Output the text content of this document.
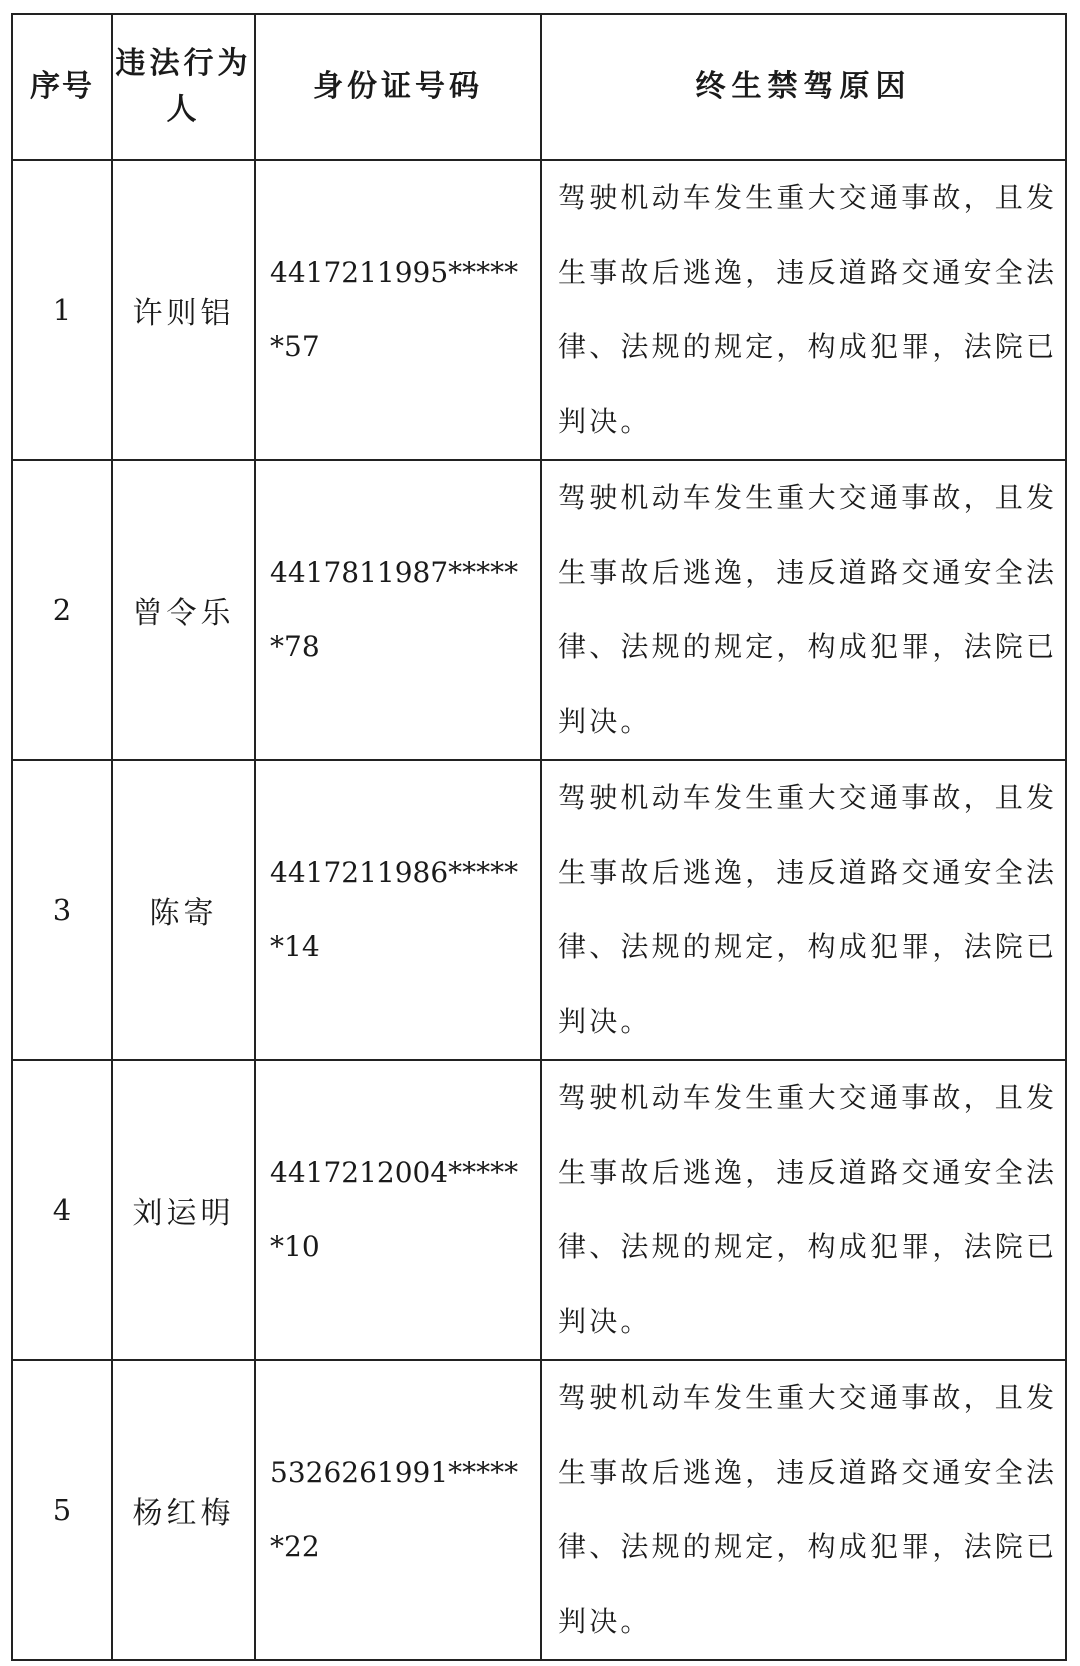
序号	违法行为人	身份证号码	终生禁驾原因
1	许则铝	4417211995******57	驾驶机动车发生重大交通事故，且发生事故后逃逸，违反道路交通安全法律、法规的规定，构成犯罪，法院已判决。
2	曾令乐	4417811987******78	驾驶机动车发生重大交通事故，且发生事故后逃逸，违反道路交通安全法律、法规的规定，构成犯罪，法院已判决。
3	陈寄	4417211986******14	驾驶机动车发生重大交通事故，且发生事故后逃逸，违反道路交通安全法律、法规的规定，构成犯罪，法院已判决。
4	刘运明	4417212004******10	驾驶机动车发生重大交通事故，且发生事故后逃逸，违反道路交通安全法律、法规的规定，构成犯罪，法院已判决。
5	杨红梅	5326261991******22	驾驶机动车发生重大交通事故，且发生事故后逃逸，违反道路交通安全法律、法规的规定，构成犯罪，法院已判决。
